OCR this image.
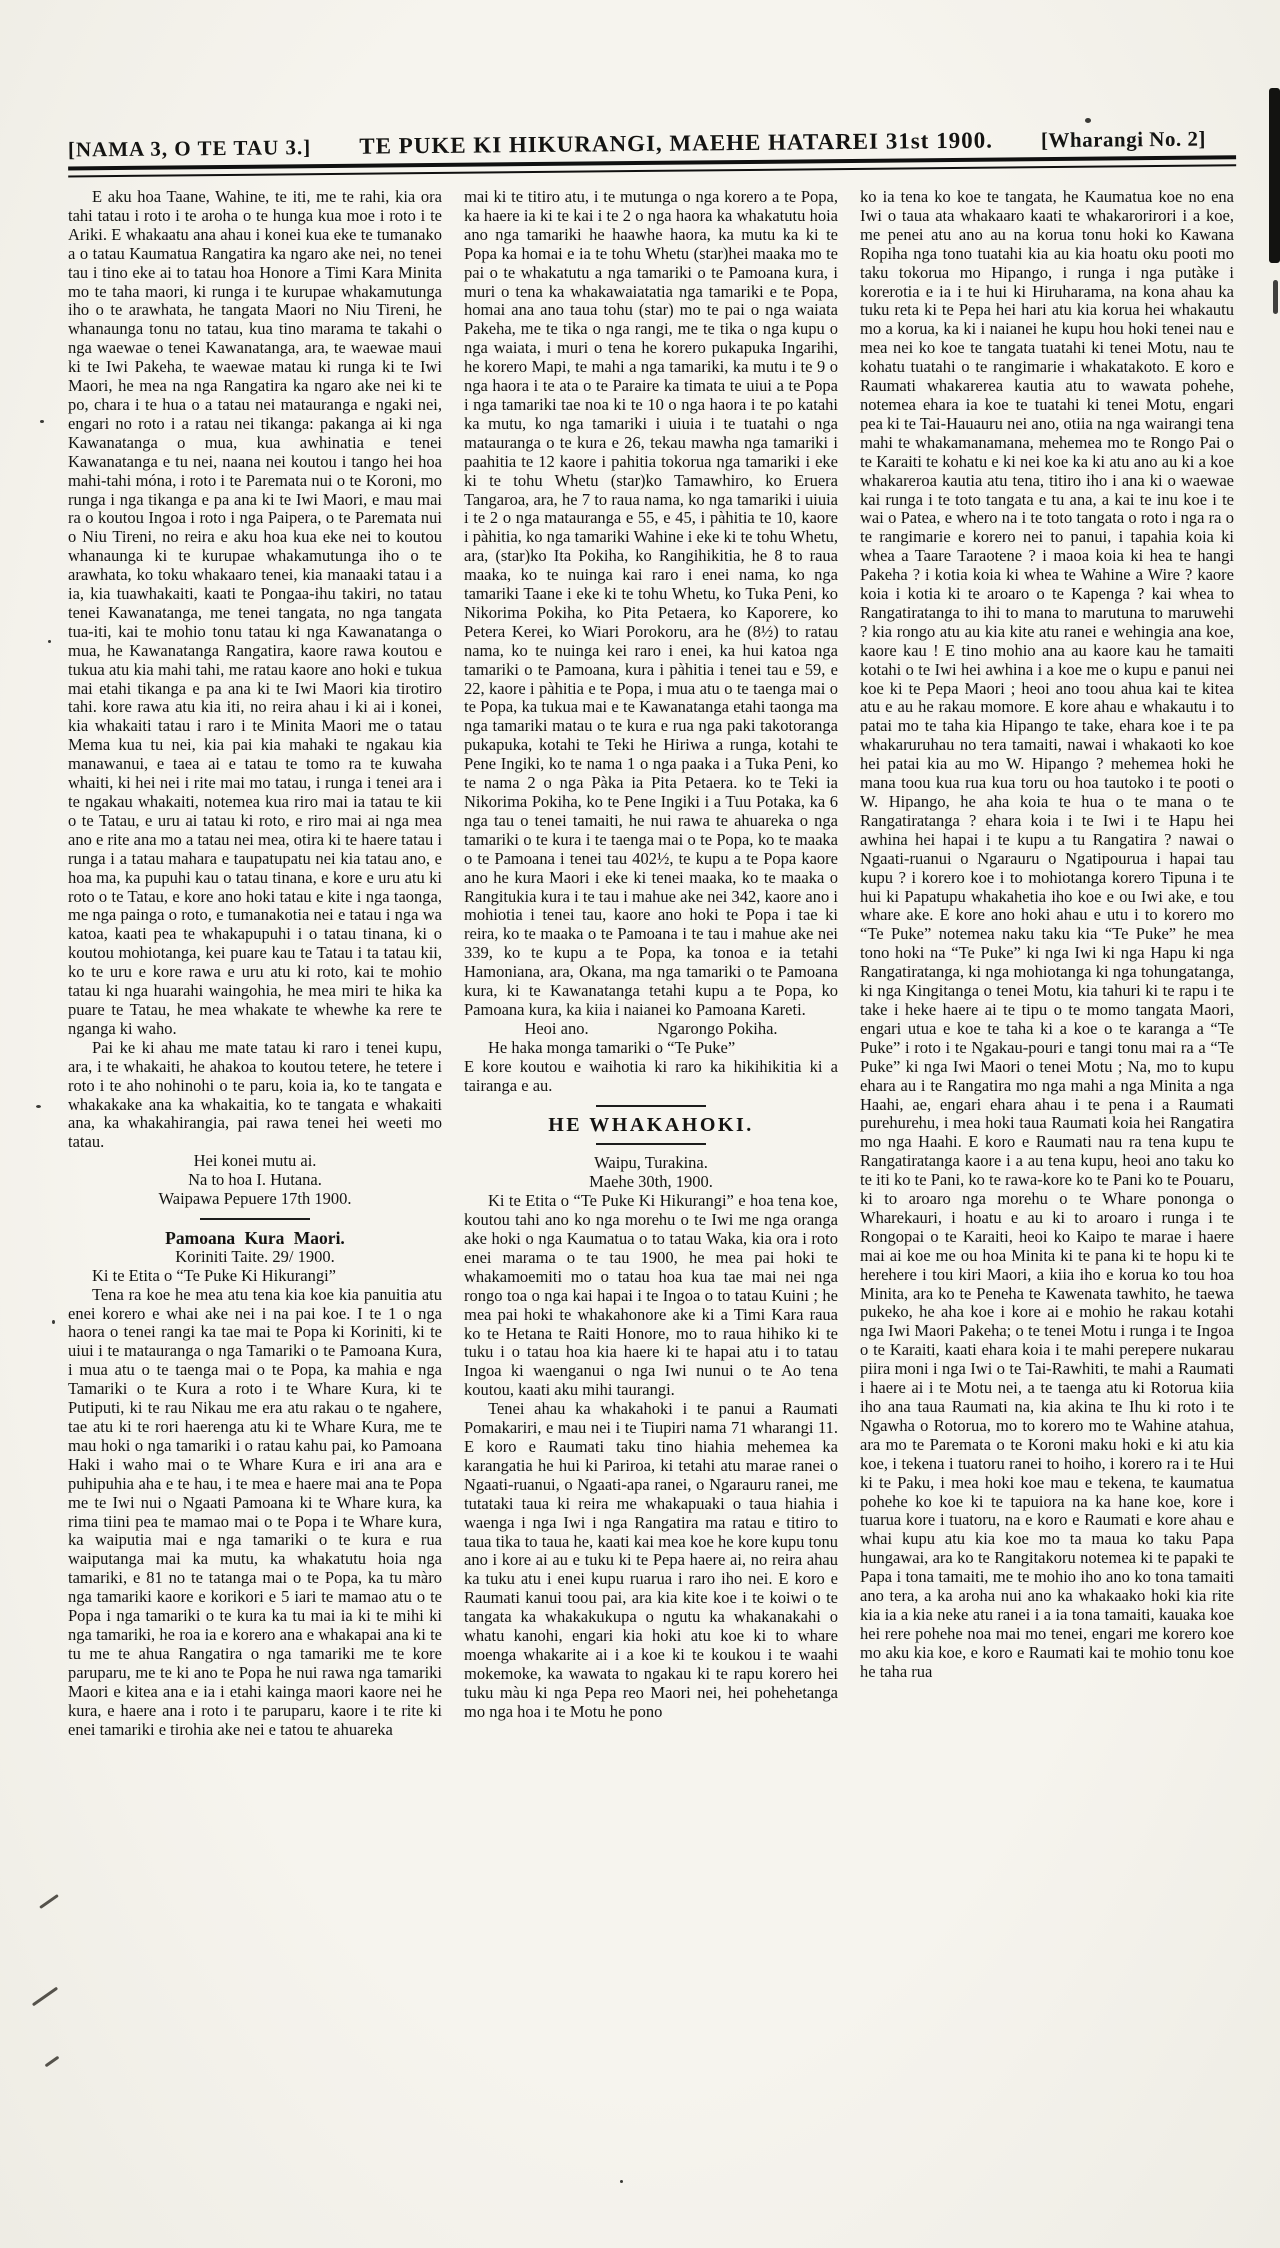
[NAMA 3, O TE TAU 3.]	TE PUKE KI HIKURANGI, MAEHE HATAREI 31st 1900.	[Wharangi No. 2]

E aku hoa Taane, Wahine, te iti, me te rahi, kia ora tahi tatau i roto i te aroha o te hunga kua moe i roto i te Ariki. E whakaatu ana ahau i konei kua eke te tumanako a o tatau Kaumatua Rangatira ka ngaro ake nei, no tenei tau i tino eke ai to tatau hoa Honore a Timi Kara Minita mo te taha maori, ki runga i te kurupae whakamutunga iho o te arawhata, he tangata Maori no Niu Tireni, he whanaunga tonu no tatau, kua tino marama te takahi o nga waewae o tenei Kawanatanga, ara, te waewae maui ki te Iwi Pakeha, te waewae matau ki runga ki te Iwi Maori, he mea na nga Rangatira ka ngaro ake nei ki te po, chara i te hua o a tatau nei matauranga e ngaki nei, engari no roto i a ratau nei tikanga: pakanga ai ki nga Kawanatanga o mua, kua awhinatia e tenei Kawanatanga e tu nei, naana nei koutou i tango hei hoa mahi-tahi móna, i roto i te Paremata nui o te Koroni, mo runga i nga tikanga e pa ana ki te Iwi Maori, e mau mai ra o koutou Ingoa i roto i nga Paipera, o te Paremata nui o Niu Tireni, no reira e aku hoa kua eke nei to koutou whanaunga ki te kurupae whakamutunga iho o te arawhata, ko toku whakaaro tenei, kia manaaki tatau i a ia, kia tuawhakaiti, kaati te Pongaa-ihu takiri, no tatau tenei Kawanatanga, me tenei tangata, no nga tangata tua-iti, kai te mohio tonu tatau ki nga Kawanatanga o mua, he Kawanatanga Rangatira, kaore rawa koutou e tukua atu kia mahi tahi, me ratau kaore ano hoki e tukua mai etahi tikanga e pa ana ki te Iwi Maori kia tirotiro tahi. kore rawa atu kia iti, no reira ahau i ki ai i konei, kia whakaiti tatau i raro i te Minita Maori me o tatau Mema kua tu nei, kia pai kia mahaki te ngakau kia manawanui, e taea ai e tatau te tomo ra te kuwaha whaiti, ki hei nei i rite mai mo tatau, i runga i tenei ara i te ngakau whakaiti, notemea kua riro mai ia tatau te kii o te Tatau, e uru ai tatau ki roto, e riro mai ai nga mea ano e rite ana mo a tatau nei mea, otira ki te haere tatau i runga i a tatau mahara e taupatupatu nei kia tatau ano, e hoa ma, ka pupuhi kau o tatau tinana, e kore e uru atu ki roto o te Tatau, e kore ano hoki tatau e kite i nga taonga, me nga painga o roto, e tumanakotia nei e tatau i nga wa katoa, kaati pea te whakapupuhi i o tatau tinana, ki o koutou mohiotanga, kei puare kau te Tatau i ta tatau kii, ko te uru e kore rawa e uru atu ki roto, kai te mohio tatau ki nga huarahi waingohia, he mea miri te hika ka puare te Tatau, he mea whakate te whewhe ka rere te nganga ki waho.

Pai ke ki ahau me mate tatau ki raro i tenei kupu, ara, i te whakaiti, he ahakoa to koutou tetere, he tetere i roto i te aho nohinohi o te paru, koia ia, ko te tangata e whakakake ana ka whakaitia, ko te tangata e whakaiti ana, ka whakahirangia, pai rawa tenei hei weeti mo tatau.

Hei konei mutu ai.
Na to hoa I. Hutana.
Waipawa Pepuere 17th 1900.
Pamoana Kura Maori.
Koriniti Taite. 29/ 1900.

Ki te Etita o “Te Puke Ki Hikurangi”

Tena ra koe he mea atu tena kia koe kia panuitia atu enei korero e whai ake nei i na pai koe. I te 1 o nga haora o tenei rangi ka tae mai te Popa ki Koriniti, ki te uiui i te matauranga o nga Tamariki o te Pamoana Kura, i mua atu o te taenga mai o te Popa, ka mahia e nga Tamariki o te Kura a roto i te Whare Kura, ki te Putiputi, ki te rau Nikau me era atu rakau o te ngahere, tae atu ki te rori haerenga atu ki te Whare Kura, me te mau hoki o nga tamariki i o ratau kahu pai, ko Pamoana Haki i waho mai o te Whare Kura e iri ana ara e puhipuhia aha e te hau, i te mea e haere mai ana te Popa me te Iwi nui o Ngaati Pamoana ki te Whare kura, ka rima tiini pea te mamao mai o te Popa i te Whare kura, ka waiputia mai e nga tamariki o te kura e rua waiputanga mai ka mutu, ka whakatutu hoia nga tamariki, e 81 no te tatanga mai o te Popa, ka tu màro nga tamariki kaore e korikori e 5 iari te mamao atu o te Popa i nga tamariki o te kura ka tu mai ia ki te mihi ki nga tamariki, he roa ia e korero ana e whakapai ana ki te tu me te ahua Rangatira o nga tamariki me te kore paruparu, me te ki ano te Popa he nui rawa nga tamariki Maori e kitea ana e ia i etahi kainga maori kaore nei he kura, e haere ana i roto i te paruparu, kaore i te rite ki enei tamariki e tirohia ake nei e tatou te ahuareka

mai ki te titiro atu, i te mutunga o nga korero a te Popa, ka haere ia ki te kai i te 2 o nga haora ka whakatutu hoia ano nga tamariki he haawhe haora, ka mutu ka ki te Popa ka homai e ia te tohu Whetu (star)hei maaka mo te pai o te whakatutu a nga tamariki o te Pamoana kura, i muri o tena ka whakawaiatatia nga tamariki e te Popa, homai ana ano taua tohu (star) mo te pai o nga waiata Pakeha, me te tika o nga rangi, me te tika o nga kupu o nga waiata, i muri o tena he korero pukapuka Ingarihi, he korero Mapi, te mahi a nga tamariki, ka mutu i te 9 o nga haora i te ata o te Paraire ka timata te uiui a te Popa i nga tamariki tae noa ki te 10 o nga haora i te po katahi ka mutu, ko nga tamariki i uiuia i te tuatahi o nga matauranga o te kura e 26, tekau mawha nga tamariki i paahitia te 12 kaore i pahitia tokorua nga tamariki i eke ki te tohu Whetu (star)ko Tamawhiro, ko Eruera Tangaroa, ara, he 7 to raua nama, ko nga tamariki i uiuia i te 2 o nga matauranga e 55, e 45, i pàhitia te 10, kaore i pàhitia, ko nga tamariki Wahine i eke ki te tohu Whetu, ara, (star)ko Ita Pokiha, ko Rangihikitia, he 8 to raua maaka, ko te nuinga kai raro i enei nama, ko nga tamariki Taane i eke ki te tohu Whetu, ko Tuka Peni, ko Nikorima Pokiha, ko Pita Petaera, ko Kaporere, ko Petera Kerei, ko Wiari Porokoru, ara he (8½) to ratau nama, ko te nuinga kei raro i enei, ka hui katoa nga tamariki o te Pamoana, kura i pàhitia i tenei tau e 59, e 22, kaore i pàhitia e te Popa, i mua atu o te taenga mai o te Popa, ka tukua mai e te Kawanatanga etahi taonga ma nga tamariki matau o te kura e rua nga paki takotoranga pukapuka, kotahi te Teki he Hiriwa a runga, kotahi te Pene Ingiki, ko te nama 1 o nga paaka i a Tuka Peni, ko te nama 2 o nga Pàka ia Pita Petaera. ko te Teki ia Nikorima Pokiha, ko te Pene Ingiki i a Tuu Potaka, ka 6 nga tau o tenei tamaiti, he nui rawa te ahuareka o nga tamariki o te kura i te taenga mai o te Popa, ko te maaka o te Pamoana i tenei tau 402½, te kupu a te Popa kaore ano he kura Maori i eke ki tenei maaka, ko te maaka o Rangitukia kura i te tau i mahue ake nei 342, kaore ano i mohiotia i tenei tau, kaore ano hoki te Popa i tae ki reira, ko te maaka o te Pamoana i te tau i mahue ake nei 339, ko te kupu a te Popa, ka tonoa e ia tetahi Hamoniana, ara, Okana, ma nga tamariki o te Pamoana kura, ki te Kawanatanga tetahi kupu a te Popa, ko Pamoana kura, ka kiia i naianei ko Pamoana Kareti.

Heoi ano.	Ngarongo Pokiha.

He haka monga tamariki o “Te Puke”

E kore koutou e waihotia ki raro ka hikihikitia ki a tairanga e au.

HE WHAKAHOKI.
Waipu, Turakina.
Maehe 30th, 1900.

Ki te Etita o “Te Puke Ki Hikurangi” e hoa tena koe, koutou tahi ano ko nga morehu o te Iwi me nga oranga ake hoki o nga Kaumatua o to tatau Waka, kia ora i roto enei marama o te tau 1900, he mea pai hoki te whakamoemiti mo o tatau hoa kua tae mai nei nga rongo toa o nga kai hapai i te Ingoa o to tatau Kuini ; he mea pai hoki te whakahonore ake ki a Timi Kara raua ko te Hetana te Raiti Honore, mo to raua hihiko ki te tuku i o tatau hoa kia haere ki te hapai atu i to tatau Ingoa ki waenganui o nga Iwi nunui o te Ao tena koutou, kaati aku mihi taurangi.

Tenei ahau ka whakahoki i te panui a Raumati Pomakariri, e mau nei i te Tiupiri nama 71 wharangi 11. E koro e Raumati taku tino hiahia mehemea ka karangatia he hui ki Pariroa, ki tetahi atu marae ranei o Ngaati-ruanui, o Ngaati-apa ranei, o Ngarauru ranei, me tutataki taua ki reira me whakapuaki o taua hiahia i waenga i nga Iwi i nga Rangatira ma ratau e titiro to taua tika to taua he, kaati kai mea koe he kore kupu tonu ano i kore ai au e tuku ki te Pepa haere ai, no reira ahau ka tuku atu i enei kupu ruarua i raro iho nei. E koro e Raumati kanui toou pai, ara kia kite koe i te koiwi o te tangata ka whakakukupa o ngutu ka whakanakahi o whatu kanohi, engari kia hoki atu koe ki to whare moenga whakarite ai i a koe ki te koukou i te waahi mokemoke, ka wawata to ngakau ki te rapu korero hei tuku màu ki nga Pepa reo Maori nei, hei pohehetanga mo nga hoa i te Motu he pono

ko ia tena ko koe te tangata, he Kaumatua koe no ena Iwi o taua ata whakaaro kaati te whakarorirori i a koe, me penei atu ano au na korua tonu hoki ko Kawana Ropiha nga tono tuatahi kia au kia hoatu oku pooti mo taku tokorua mo Hipango, i runga i nga putàke i korerotia e ia i te hui ki Hiruharama, na kona ahau ka tuku reta ki te Pepa hei hari atu kia korua hei whakautu mo a korua, ka ki i naianei he kupu hou hoki tenei nau e mea nei ko koe te tangata tuatahi ki tenei Motu, nau te kohatu tuatahi o te rangimarie i whakatakoto. E koro e Raumati whakarerea kautia atu to wawata pohehe, notemea ehara ia koe te tuatahi ki tenei Motu, engari pea ki te Tai-Hauauru nei ano, otiia na nga wairangi tena mahi te whakamanamana, mehemea mo te Rongo Pai o te Karaiti te kohatu e ki nei koe ka ki atu ano au ki a koe whakareroa kautia atu tena, titiro iho i ana ki o waewae kai runga i te toto tangata e tu ana, a kai te inu koe i te wai o Patea, e whero na i te toto tangata o roto i nga ra o te rangimarie e korero nei to panui, i tapahia koia ki whea a Taare Taraotene ? i maoa koia ki hea te hangi Pakeha ? i kotia koia ki whea te Wahine a Wire ? kaore koia i kotia ki te aroaro o te Kapenga ? kai whea to Rangatiratanga to ihi to mana to marutuna to maruwehi ? kia rongo atu au kia kite atu ranei e wehingia ana koe, kaore kau ! E tino mohio ana au kaore kau he tamaiti kotahi o te Iwi hei awhina i a koe me o kupu e panui nei koe ki te Pepa Maori ; heoi ano toou ahua kai te kitea atu e au he rakau momore. E kore ahau e whakautu i to patai mo te taha kia Hipango te take, ehara koe i te pa whakaruruhau no tera tamaiti, nawai i whakaoti ko koe hei patai kia au mo W. Hipango ? mehemea hoki he mana toou kua rua kua toru ou hoa tautoko i te pooti o W. Hipango, he aha koia te hua o te mana o te Rangatiratanga ? ehara koia i te Iwi i te Hapu hei awhina hei hapai i te kupu a tu Rangatira ? nawai o Ngaati-ruanui o Ngarauru o Ngatipourua i hapai tau kupu ? i korero koe i to mohiotanga korero Tipuna i te hui ki Papatupu whakahetia iho koe e ou Iwi ake, e tou whare ake. E kore ano hoki ahau e utu i to korero mo “Te Puke” notemea naku taku kia “Te Puke” he mea tono hoki na “Te Puke” ki nga Iwi ki nga Hapu ki nga Rangatiratanga, ki nga mohiotanga ki nga tohungatanga, ki nga Kingitanga o tenei Motu, kia tahuri ki te rapu i te take i heke haere ai te tipu o te momo tangata Maori, engari utua e koe te taha ki a koe o te karanga a “Te Puke” i roto i te Ngakau-pouri e tangi tonu mai ra a “Te Puke” ki nga Iwi Maori o tenei Motu ; Na, mo to kupu ehara au i te Rangatira mo nga mahi a nga Minita a nga Haahi, ae, engari ehara ahau i te pena i a Raumati purehurehu, i mea hoki taua Raumati koia hei Rangatira mo nga Haahi. E koro e Raumati nau ra tena kupu te Rangatiratanga kaore i a au tena kupu, heoi ano taku ko te iti ko te Pani, ko te rawa-kore ko te Pani ko te Pouaru, ki to aroaro nga morehu o te Whare pononga o Wharekauri, i hoatu e au ki to aroaro i runga i te Rongopai o te Karaiti, heoi ko Kaipo te marae i haere mai ai koe me ou hoa Minita ki te pana ki te hopu ki te herehere i tou kiri Maori, a kiia iho e korua ko tou hoa Minita, ara ko te Peneha te Kawenata tawhito, he taewa pukeko, he aha koe i kore ai e mohio he rakau kotahi nga Iwi Maori Pakeha; o te tenei Motu i runga i te Ingoa o te Karaiti, kaati ehara koia i te mahi perepere nukarau piira moni i nga Iwi o te Tai-Rawhiti, te mahi a Raumati i haere ai i te Motu nei, a te taenga atu ki Rotorua kiia iho ana taua Raumati na, kia akina te Ihu ki roto i te Ngawha o Rotorua, mo to korero mo te Wahine atahua, ara mo te Paremata o te Koroni maku hoki e ki atu kia koe, i tekena i tuatoru ranei to hoiho, i korero ra i te Hui ki te Paku, i mea hoki koe mau e tekena, te kaumatua pohehe ko koe ki te tapuiora na ka hane koe, kore i tuarua kore i tuatoru, na e koro e Raumati e kore ahau e whai kupu atu kia koe mo ta maua ko taku Papa hungawai, ara ko te Rangitakoru notemea ki te papaki te Papa i tona tamaiti, me te mohio iho ano ko tona tamaiti ano tera, a ka aroha nui ano ka whakaako hoki kia rite kia ia a kia neke atu ranei i a ia tona tamaiti, kauaka koe hei rere pohehe noa mai mo tenei, engari me korero koe mo aku kia koe, e koro e Raumati kai te mohio tonu koe he taha rua
